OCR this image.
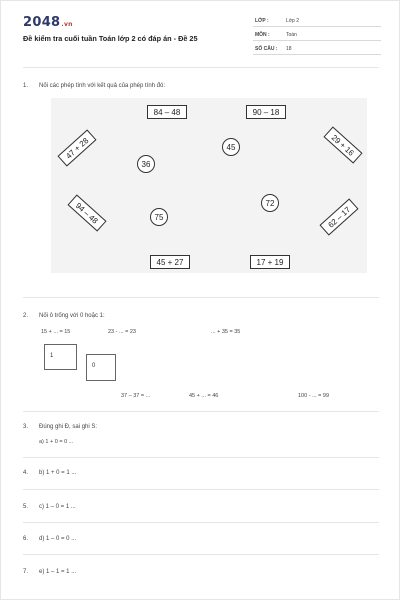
2048.vn
Đề kiểm tra cuối tuần Toán lớp 2 có đáp án - Đề 25
LỚP :	Lớp 2
MÔN :	Toán
SỐ CÂU : 18
1. Nối các phép tính với kết quả của phép tính đó:
84 – 48	90 – 18
47 + 28	29 + 16
94 – 48	62 – 17
45 + 27	17 + 19
36
45
72
75
2. Nối ô trống với 0 hoặc 1:
15 + ... = 15	23 - ... = 23	... + 35 = 35
1
0
37 – 37 = ...	45 + ... = 46	100 - ... = 99
3. Đúng ghi Đ, sai ghi S:
a) 1 + 0 = 0 ...
4. b) 1 + 0 = 1 ...
5. c) 1 – 0 = 1 ...
6. d) 1 – 0 = 0 ...
7. e) 1 – 1 = 1 ...
